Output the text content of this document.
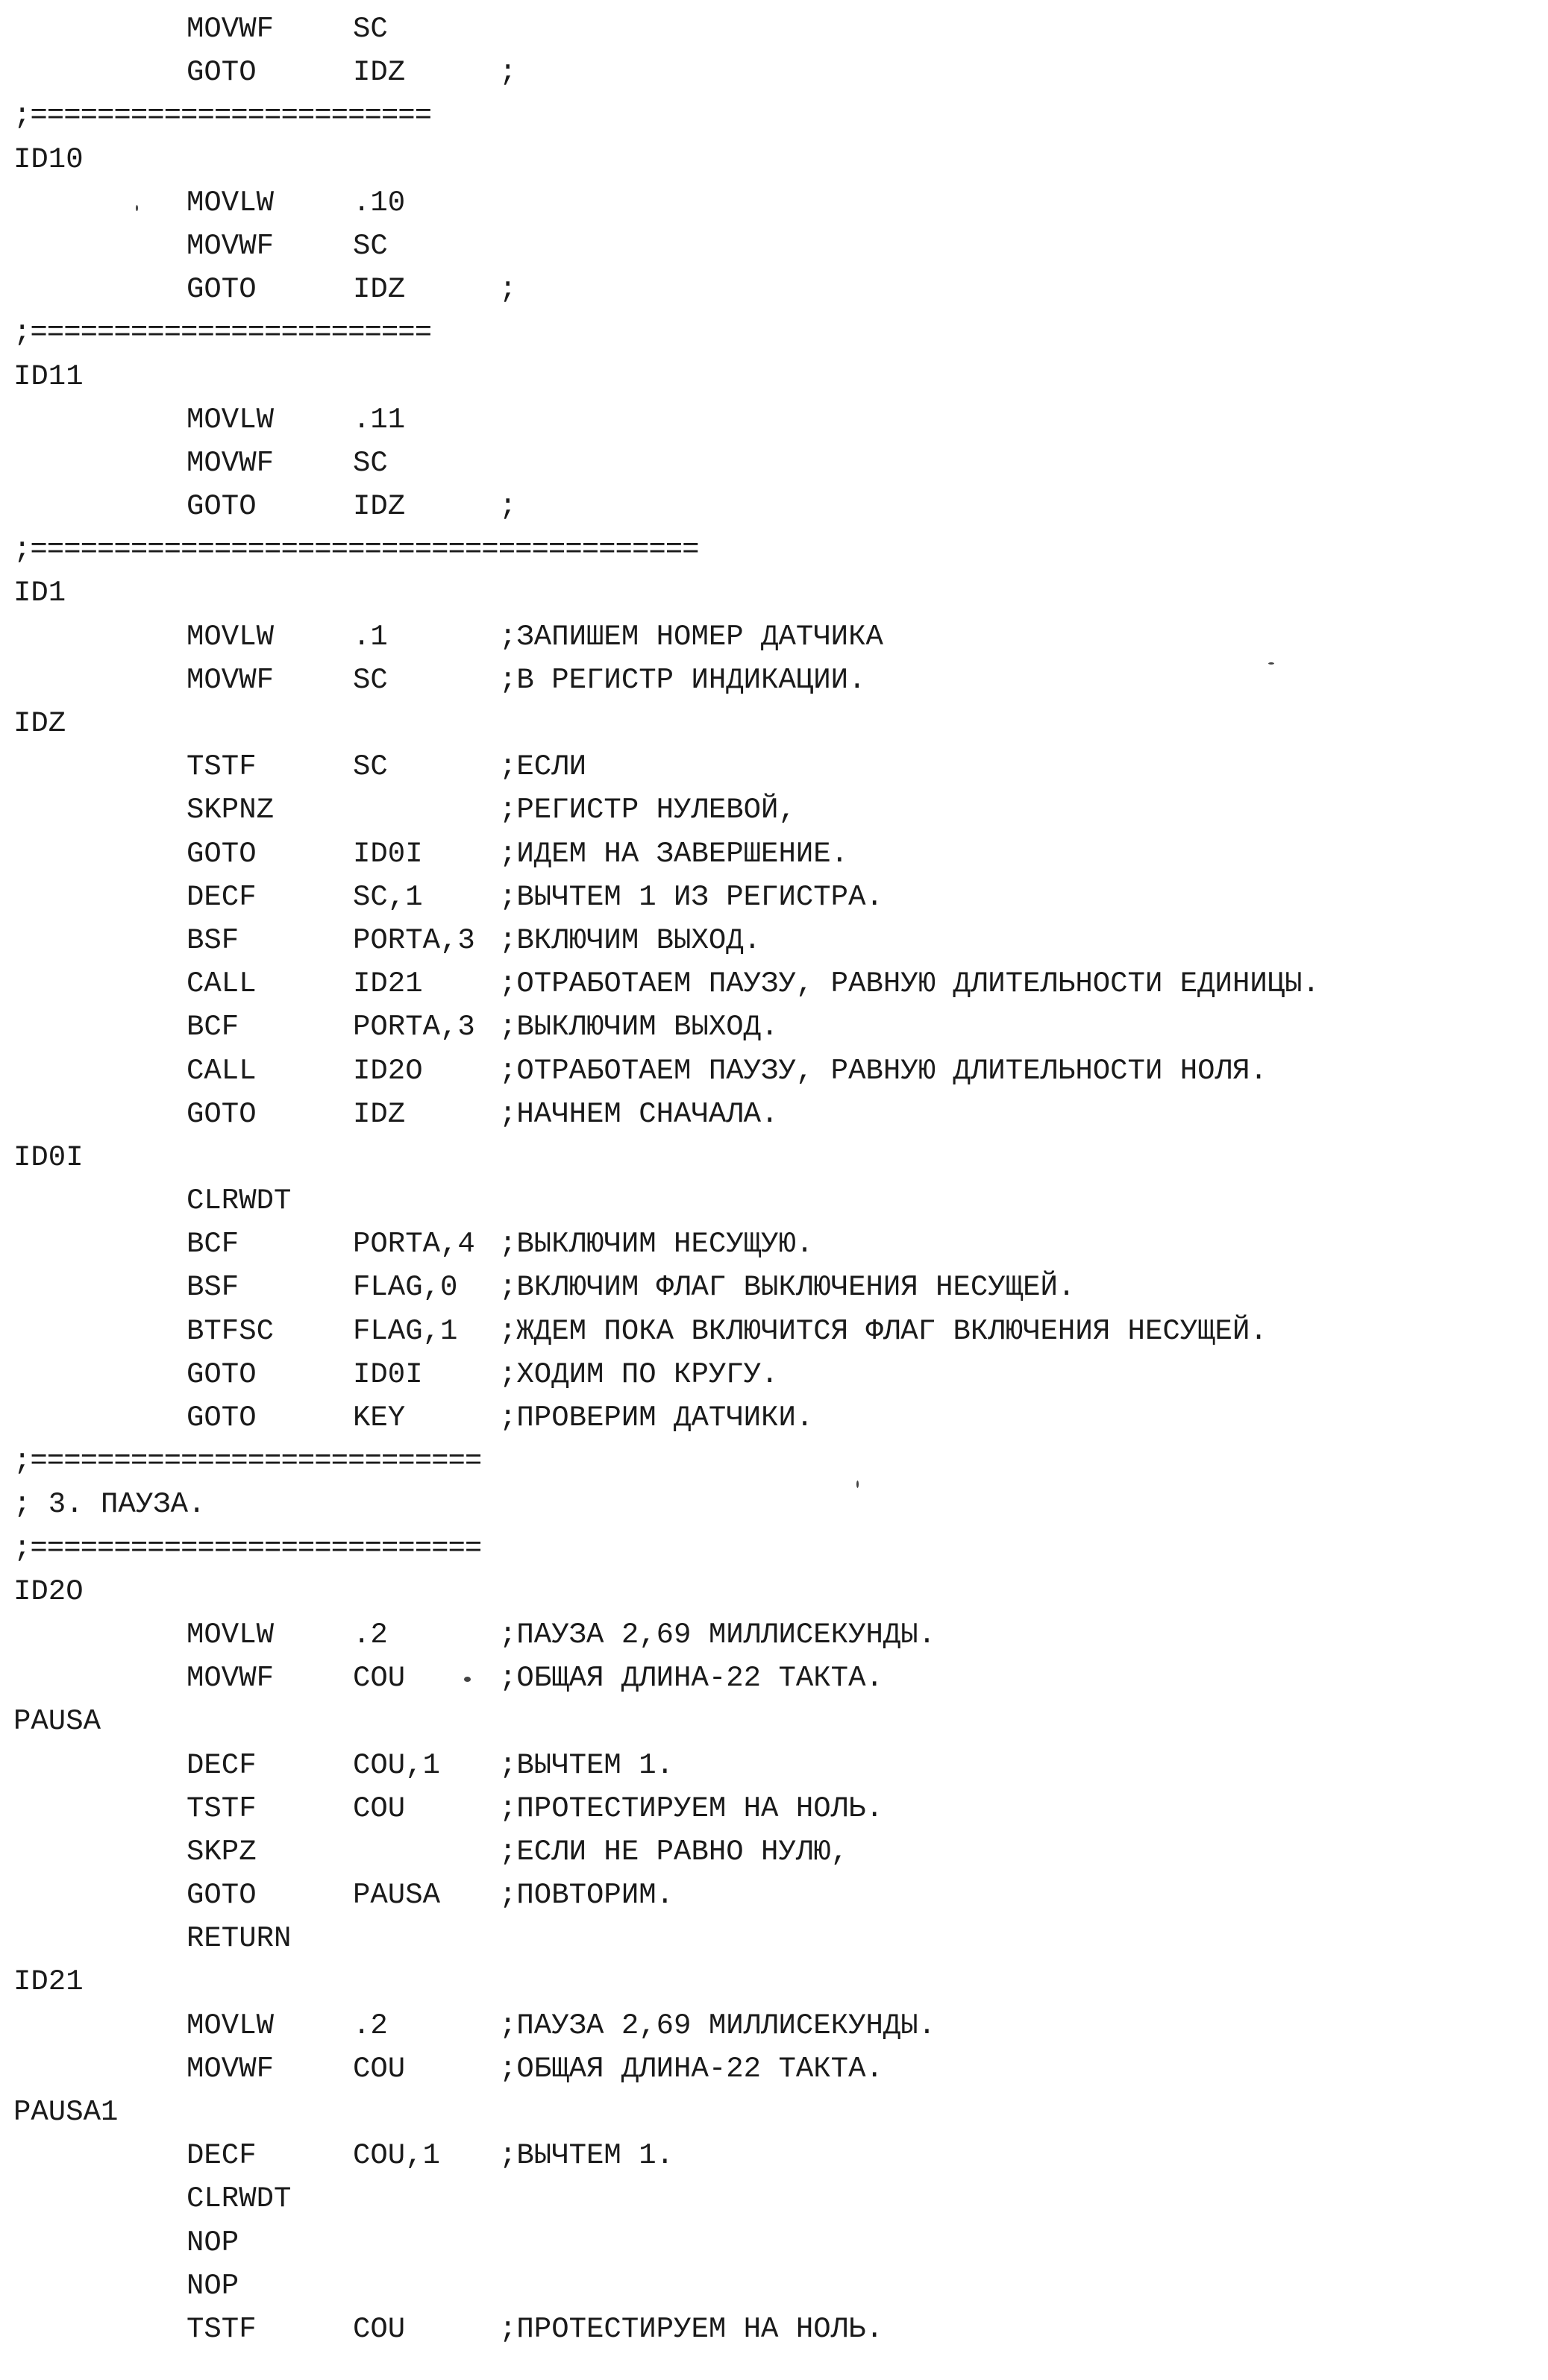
MOVWF	SC
GOTO	IDZ	;
;========================
ID10
MOVLW	.10
MOVWF	SC
GOTO	IDZ	;
;========================
ID11
MOVLW	.11
MOVWF	SC
GOTO	IDZ	;
;========================================
ID1
MOVLW	.1	;ЗАПИШЕМ НОМЕР ДАТЧИКА
MOVWF	SC	;В РЕГИСТР ИНДИКАЦИИ.
IDZ
TSTF	SC	;ЕСЛИ
SKPNZ	;РЕГИСТР НУЛЕВОЙ,
GOTO	ID0I	;ИДЕМ НА ЗАВЕРШЕНИЕ.
DECF	SC,1	;ВЫЧТЕМ 1 ИЗ РЕГИСТРА.
BSF	PORTA,3 ;ВКЛЮЧИМ ВЫХОД.
CALL	ID21	;ОТРАБОТАЕМ ПАУЗУ, РАВНУЮ ДЛИТЕЛЬНОСТИ ЕДИНИЦЫ.
BCF	PORTA,3 ;ВЫКЛЮЧИМ ВЫХОД.
CALL	ID2O	;ОТРАБОТАЕМ ПАУЗУ, РАВНУЮ ДЛИТЕЛЬНОСТИ НОЛЯ.
GOTO	IDZ	;НАЧНЕМ СНАЧАЛА.
ID0I
CLRWDT
BCF	PORTA,4 ;ВЫКЛЮЧИМ НЕСУЩУЮ.
BSF	FLAG,0 ;ВКЛЮЧИМ ФЛАГ ВЫКЛЮЧЕНИЯ НЕСУЩЕЙ.
BTFSC	FLAG,1 ;ЖДЕМ ПОКА ВКЛЮЧИТСЯ ФЛАГ ВКЛЮЧЕНИЯ НЕСУЩЕЙ.
GOTO	ID0I	;ХОДИМ ПО КРУГУ.
GOTO	KEY	;ПРОВЕРИМ ДАТЧИКИ.
;===========================
; 3. ПАУЗА.
;===========================
ID2O
MOVLW	.2	;ПАУЗА 2,69 МИЛЛИСЕКУНДЫ.
MOVWF	COU	;ОБЩАЯ ДЛИНА-22 ТАКТА.
PAUSA
DECF	COU,1 ;ВЫЧТЕМ 1.
TSTF	COU	;ПРОТЕСТИРУЕМ НА НОЛЬ.
SKPZ	;ЕСЛИ НЕ РАВНО НУЛЮ,
GOTO	PAUSA ;ПОВТОРИМ.
RETURN
ID21
MOVLW	.2	;ПАУЗА 2,69 МИЛЛИСЕКУНДЫ.
MOVWF	COU	;ОБЩАЯ ДЛИНА-22 ТАКТА.
PAUSA1
DECF	COU,1 ;ВЫЧТЕМ 1.
CLRWDT
NOP
NOP
TSTF	COU	;ПРОТЕСТИРУЕМ НА НОЛЬ.
